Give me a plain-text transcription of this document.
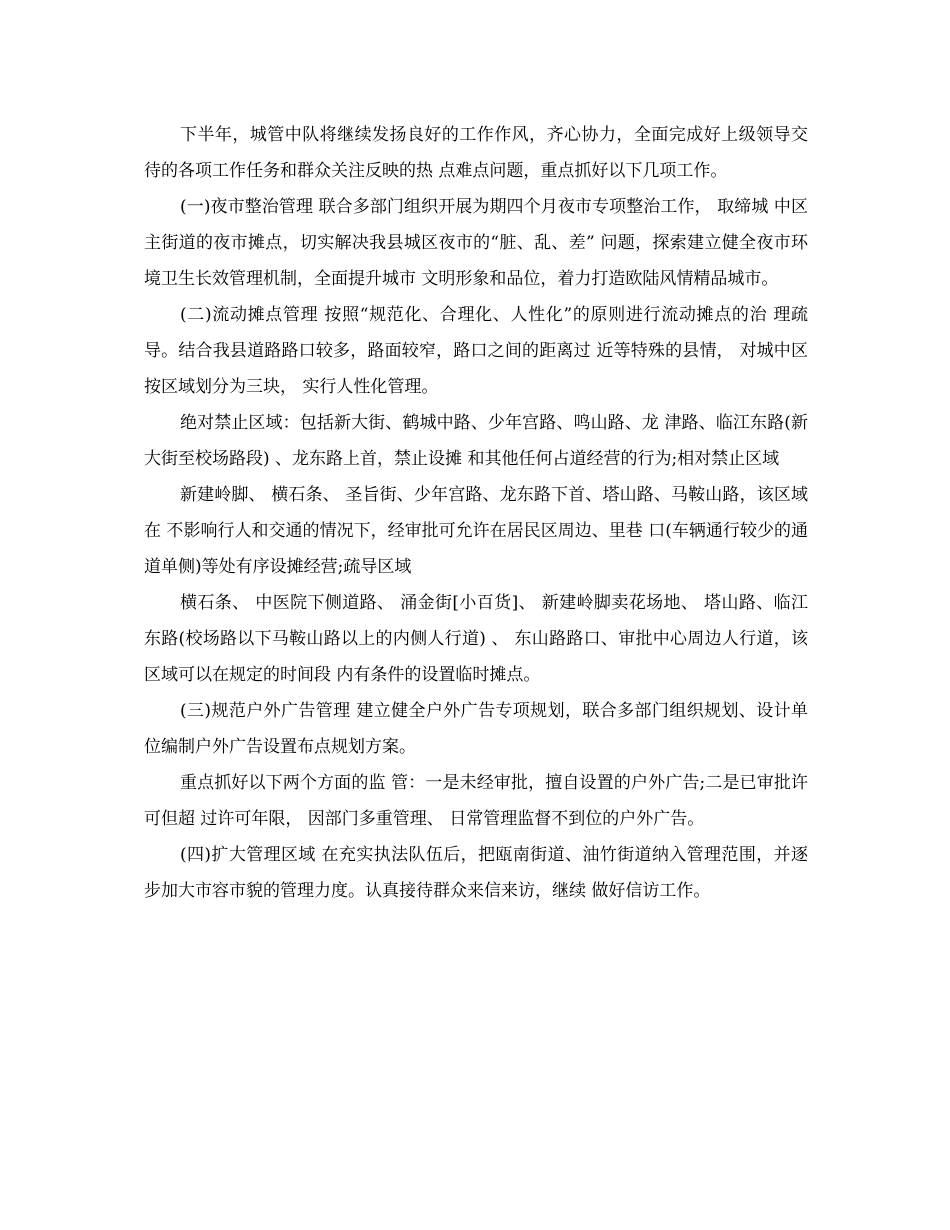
下半年，城管中队将继续发扬良好的工作作风，齐心协力，全面完成好上级领导交待的各项工作任务和群众关注反映的热 点难点问题，重点抓好以下几项工作。

(一)夜市整治管理 联合多部门组织开展为期四个月夜市专项整治工作， 取缔城 中区主街道的夜市摊点，切实解决我县城区夜市的“脏、乱、差” 问题，探索建立健全夜市环境卫生长效管理机制，全面提升城市 文明形象和品位，着力打造欧陆风情精品城市。

(二)流动摊点管理 按照“规范化、合理化、人性化”的原则进行流动摊点的治 理疏导。结合我县道路路口较多，路面较窄，路口之间的距离过 近等特殊的县情， 对城中区按区域划分为三块， 实行人性化管理。

绝对禁止区域：包括新大街、鹤城中路、少年宫路、鸣山路、龙 津路、临江东路(新大街至校场路段) 、龙东路上首，禁止设摊 和其他任何占道经营的行为;相对禁止区域

新建岭脚、 横石条、 圣旨街、少年宫路、龙东路下首、塔山路、马鞍山路，该区域在 不影响行人和交通的情况下，经审批可允许在居民区周边、里巷 口(车辆通行较少的通道单侧)等处有序设摊经营;疏导区域

横石条、 中医院下侧道路、 涌金街[小百货]、 新建岭脚卖花场地、 塔山路、临江东路(校场路以下马鞍山路以上的内侧人行道) 、 东山路路口、审批中心周边人行道，该区域可以在规定的时间段 内有条件的设置临时摊点。

(三)规范户外广告管理 建立健全户外广告专项规划，联合多部门组织规划、设计单 位编制户外广告设置布点规划方案。

重点抓好以下两个方面的监 管：一是未经审批，擅自设置的户外广告;二是已审批许可但超 过许可年限， 因部门多重管理、 日常管理监督不到位的户外广告。

(四)扩大管理区域 在充实执法队伍后，把瓯南街道、油竹街道纳入管理范围，并逐步加大市容市貌的管理力度。认真接待群众来信来访，继续 做好信访工作。
